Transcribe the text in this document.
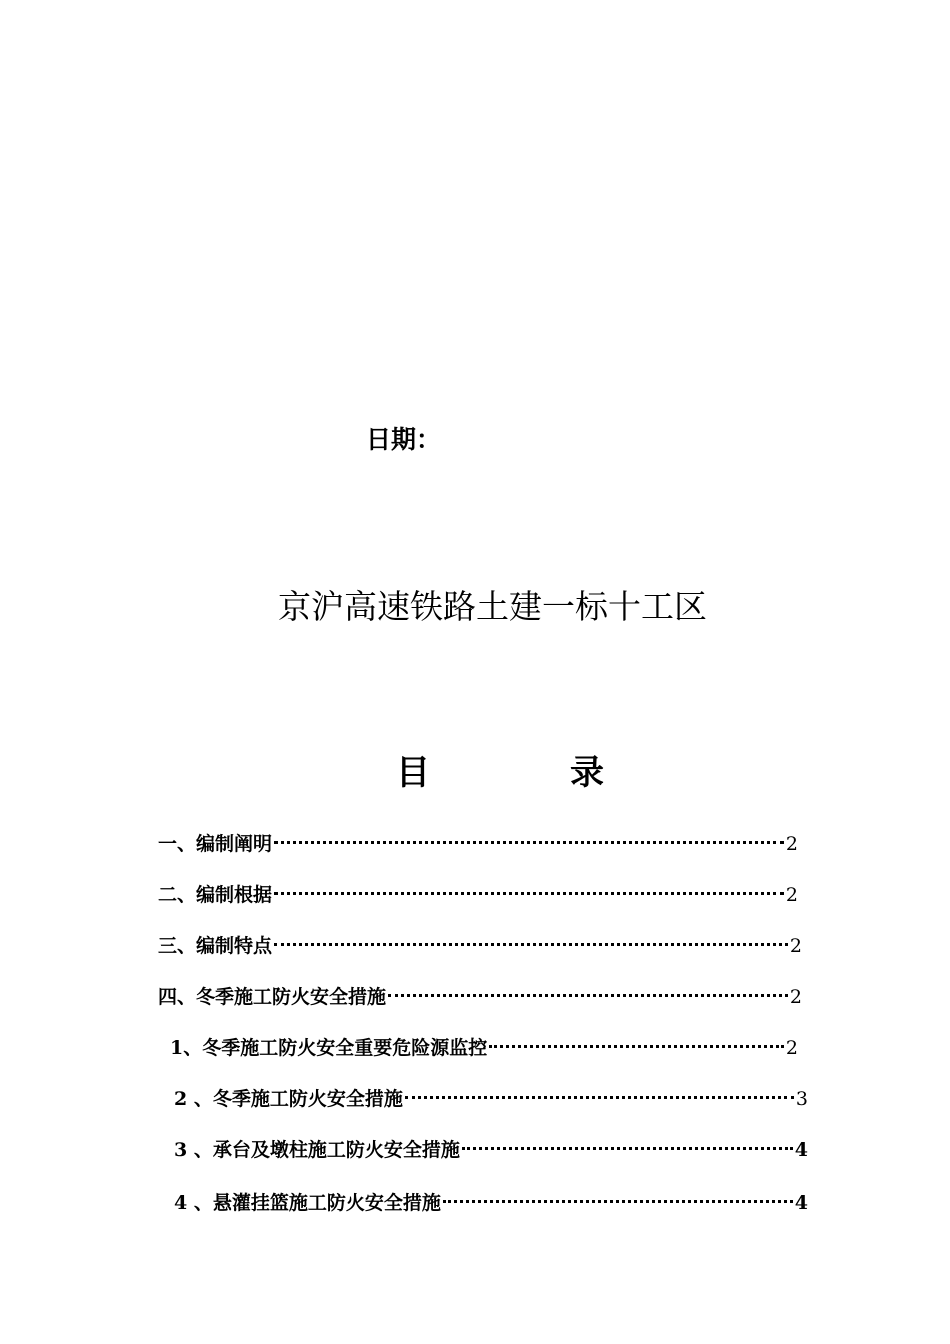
日期：
京沪高速铁路土建一标十工区
目	录
一、编制阐明	2
二、编制根据	2
三、编制特点	2
四、冬季施工防火安全措施	2
1、冬季施工防火安全重要危险源监控	2
2 、冬季施工防火安全措施	3
3 、承台及墩柱施工防火安全措施	4
4 、悬灌挂篮施工防火安全措施	4
